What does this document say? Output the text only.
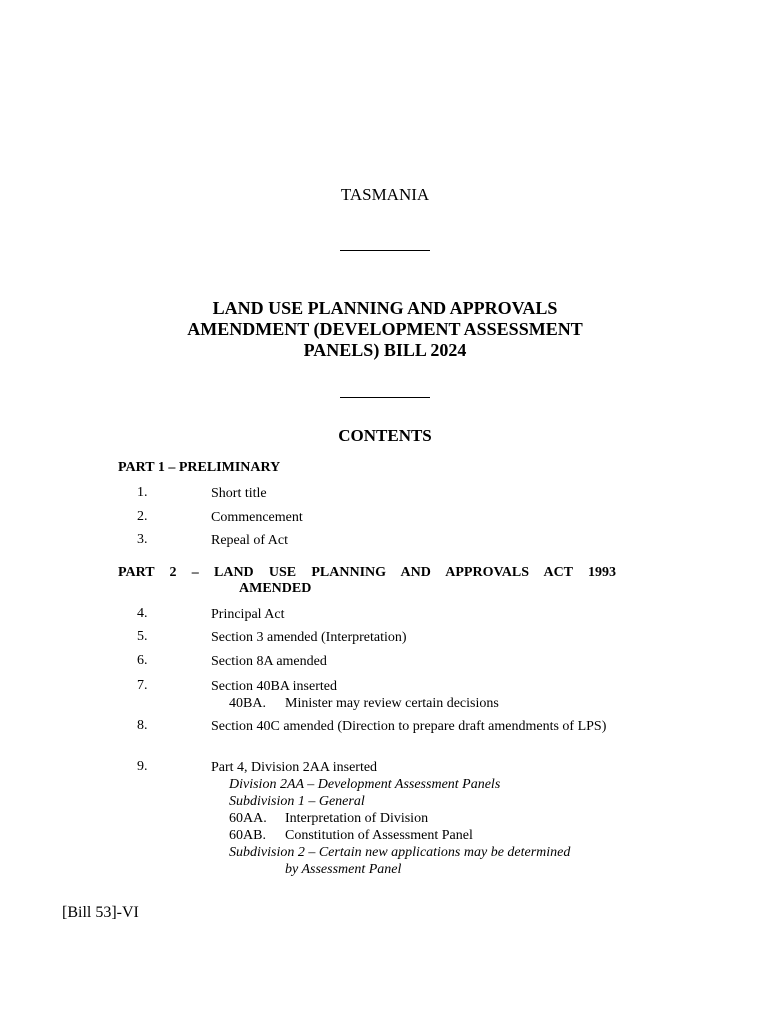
TASMANIA
LAND USE PLANNING AND APPROVALS
AMENDMENT (DEVELOPMENT ASSESSMENT
PANELS) BILL 2024
CONTENTS
PART 1 – PRELIMINARY
1.	Short title
2.	Commencement
3.	Repeal of Act
PART 2 – LAND USE PLANNING AND APPROVALS ACT 1993
AMENDED
4.	Principal Act
5.	Section 3 amended (Interpretation)
6.	Section 8A amended
7.	Section 40BA inserted
40BA. Minister may review certain decisions
8.	Section 40C amended (Direction to prepare draft amendments of LPS)
9.	Part 4, Division 2AA inserted
Division 2AA – Development Assessment Panels
Subdivision 1 – General
60AA. Interpretation of Division
60AB. Constitution of Assessment Panel
Subdivision 2 – Certain new applications may be determined
by Assessment Panel
[Bill 53]-VI
